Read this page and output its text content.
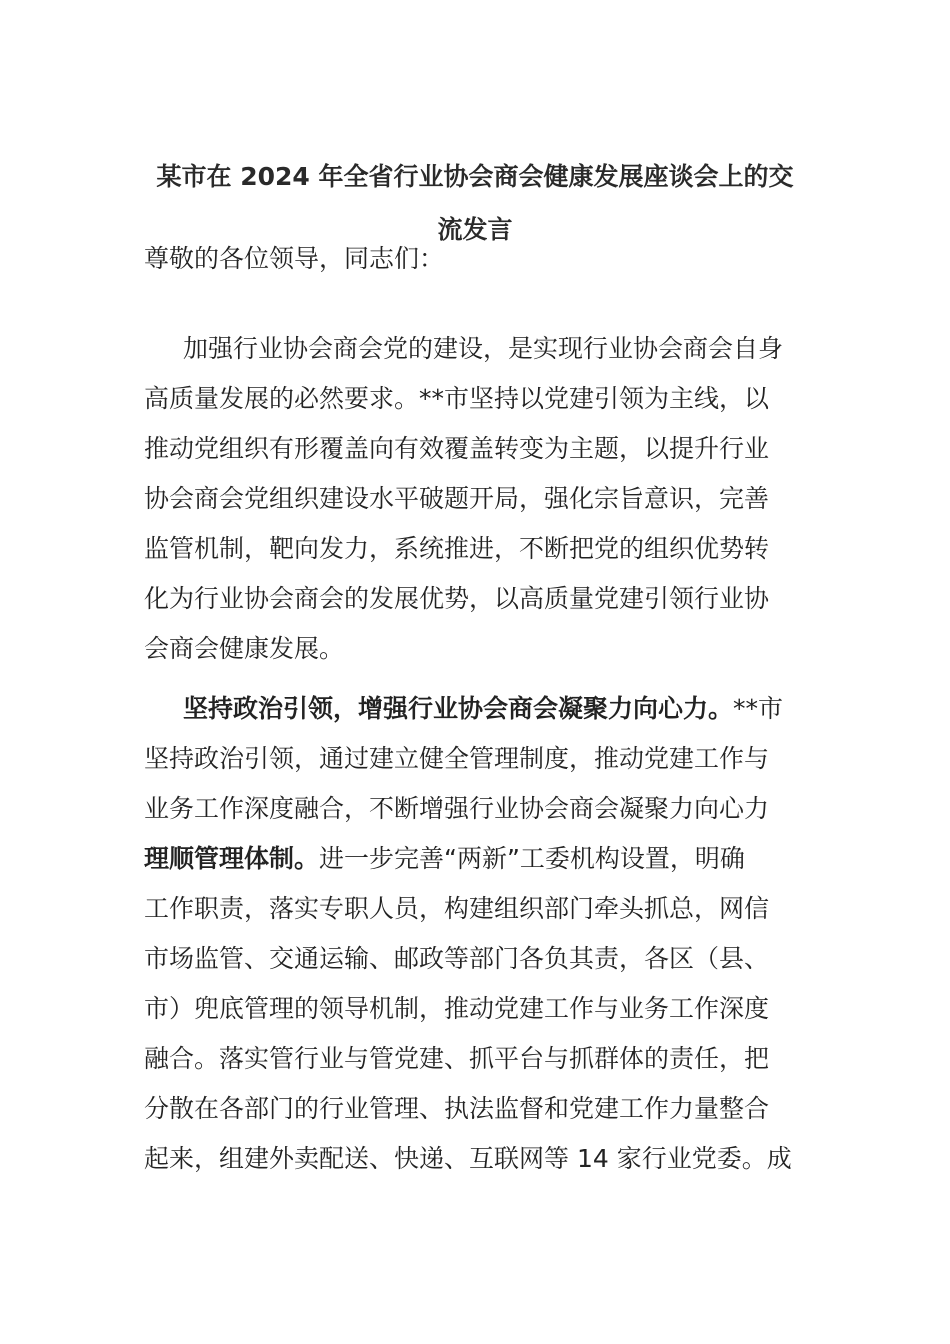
某市在 2024 年全省行业协会商会健康发展座谈会上的交
流发言
尊敬的各位领导，同志们：
加强行业协会商会党的建设，是实现行业协会商会自身
高质量发展的必然要求。**市坚持以党建引领为主线，以
推动党组织有形覆盖向有效覆盖转变为主题，以提升行业
协会商会党组织建设水平破题开局，强化宗旨意识，完善
监管机制，靶向发力，系统推进，不断把党的组织优势转
化为行业协会商会的发展优势，以高质量党建引领行业协
会商会健康发展。
坚持政治引领，增强行业协会商会凝聚力向心力。**市
坚持政治引领，通过建立健全管理制度，推动党建工作与
业务工作深度融合，不断增强行业协会商会凝聚力向心力
理顺管理体制。进一步完善“两新”工委机构设置，明确
工作职责，落实专职人员，构建组织部门牵头抓总，网信
市场监管、交通运输、邮政等部门各负其责，各区（县、
市）兜底管理的领导机制，推动党建工作与业务工作深度
融合。落实管行业与管党建、抓平台与抓群体的责任，把
分散在各部门的行业管理、执法监督和党建工作力量整合
起来，组建外卖配送、快递、互联网等 14 家行业党委。成
